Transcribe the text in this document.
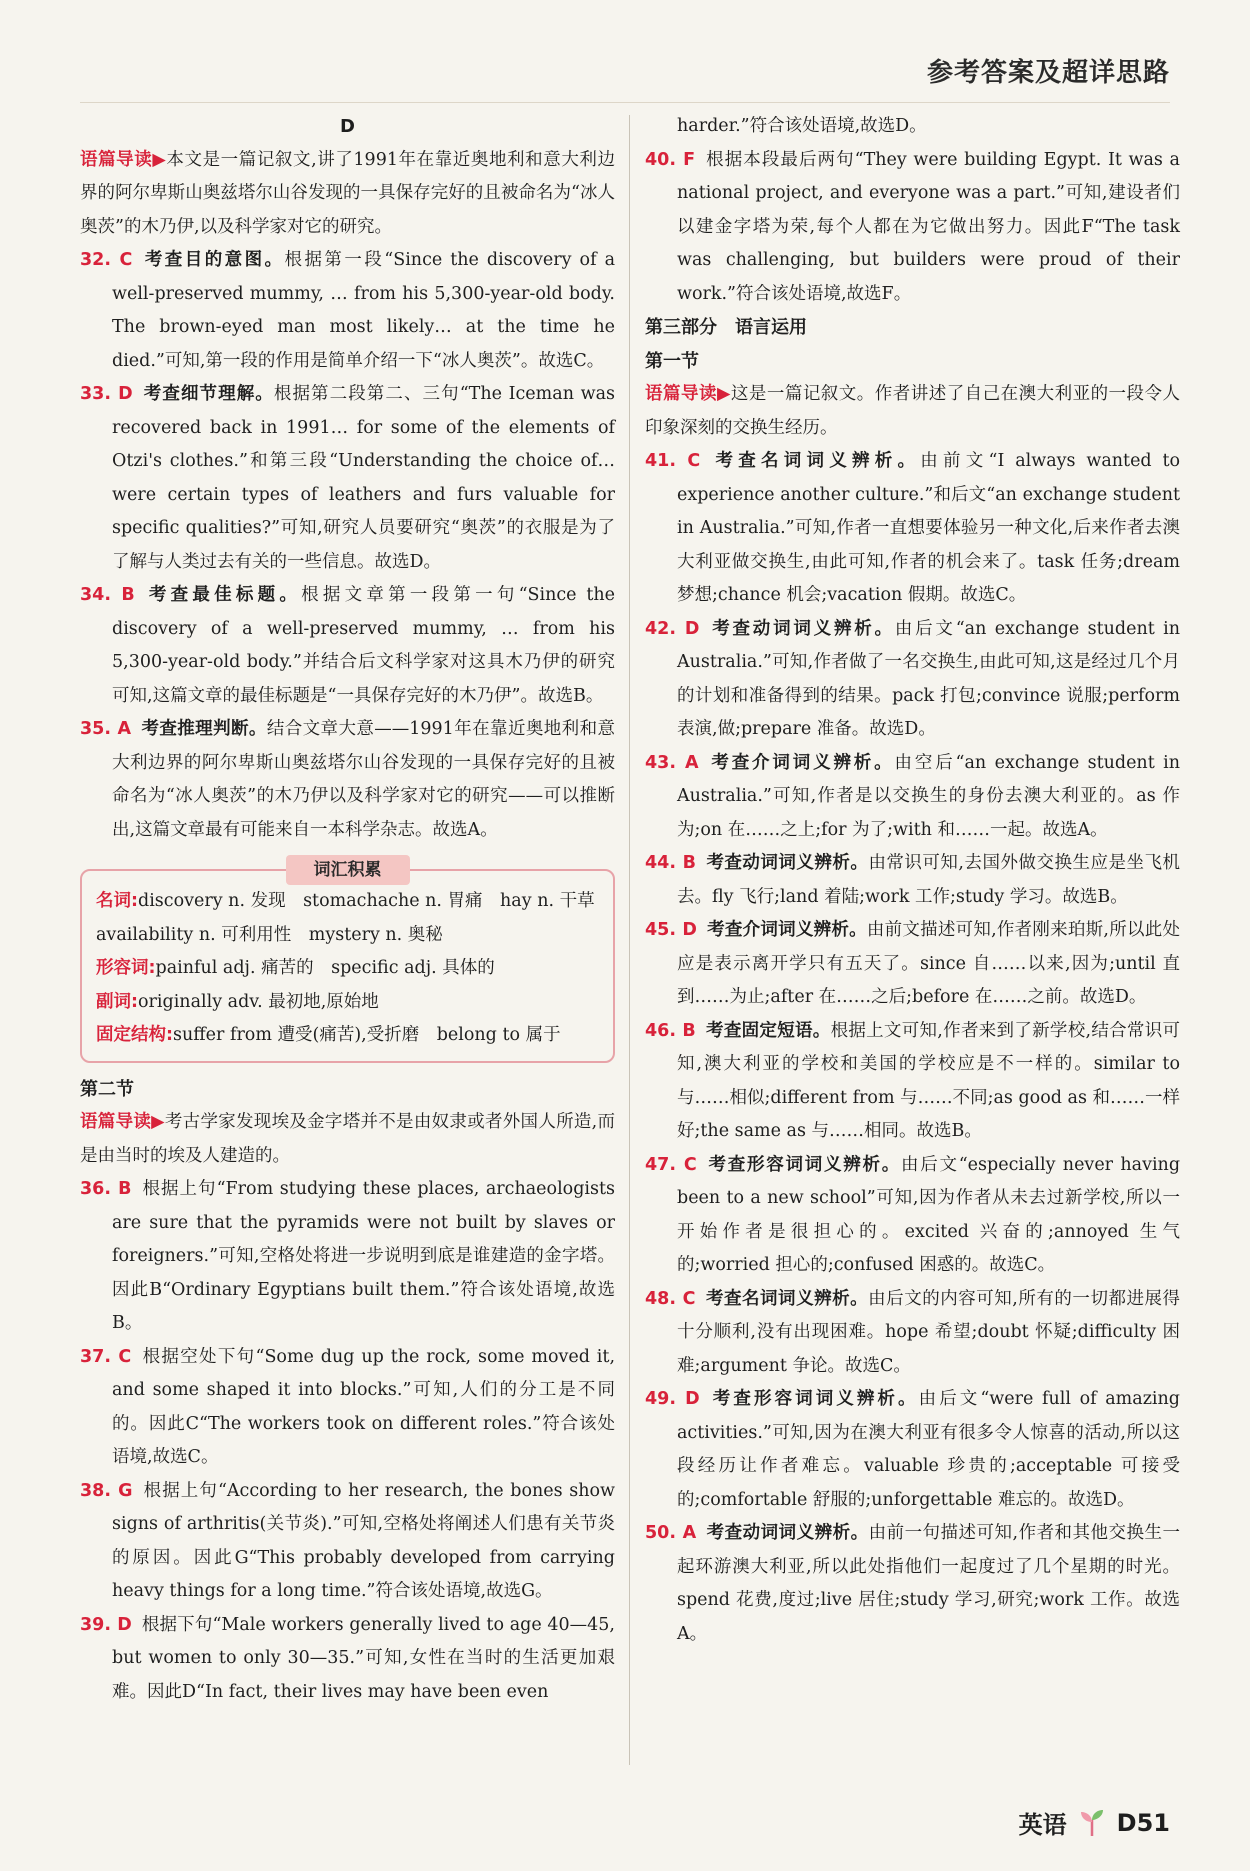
参考答案及超详思路
D
语篇导读▶本文是一篇记叙文,讲了1991年在靠近奥地利和意大利边界的阿尔卑斯山奥兹塔尔山谷发现的一具保存完好的且被命名为“冰人奥茨”的木乃伊,以及科学家对它的研究。
32. C 考查目的意图。根据第一段“Since the discovery of a well-preserved mummy, … from his 5,300-year-old body. The brown-eyed man most likely… at the time he died.”可知,第一段的作用是简单介绍一下“冰人奥茨”。故选C。
33. D 考查细节理解。根据第二段第二、三句“The Iceman was recovered back in 1991… for some of the elements of Otzi's clothes.”和第三段“Understanding the choice of… were certain types of leathers and furs valuable for specific qualities?”可知,研究人员要研究“奥茨”的衣服是为了了解与人类过去有关的一些信息。故选D。
34. B 考查最佳标题。根据文章第一段第一句“Since the discovery of a well-preserved mummy, … from his 5,300-year-old body.”并结合后文科学家对这具木乃伊的研究可知,这篇文章的最佳标题是“一具保存完好的木乃伊”。故选B。
35. A 考查推理判断。结合文章大意——1991年在靠近奥地利和意大利边界的阿尔卑斯山奥兹塔尔山谷发现的一具保存完好的且被命名为“冰人奥茨”的木乃伊以及科学家对它的研究——可以推断出,这篇文章最有可能来自一本科学杂志。故选A。
词汇积累
名词:discovery n. 发现　stomachache n. 胃痛　hay n. 干草
availability n. 可利用性　mystery n. 奥秘
形容词:painful adj. 痛苦的　specific adj. 具体的
副词:originally adv. 最初地,原始地
固定结构:suffer from 遭受(痛苦),受折磨　belong to 属于
第二节
语篇导读▶考古学家发现埃及金字塔并不是由奴隶或者外国人所造,而是由当时的埃及人建造的。
36. B 根据上句“From studying these places, archaeologists are sure that the pyramids were not built by slaves or foreigners.”可知,空格处将进一步说明到底是谁建造的金字塔。因此B“Ordinary Egyptians built them.”符合该处语境,故选B。
37. C 根据空处下句“Some dug up the rock, some moved it, and some shaped it into blocks.”可知,人们的分工是不同的。因此C“The workers took on different roles.”符合该处语境,故选C。
38. G 根据上句“According to her research, the bones show signs of arthritis(关节炎).”可知,空格处将阐述人们患有关节炎的原因。因此G“This probably developed from carrying heavy things for a long time.”符合该处语境,故选G。
39. D 根据下句“Male workers generally lived to age 40—45, but women to only 30—35.”可知,女性在当时的生活更加艰难。因此D“In fact, their lives may have been even
harder.”符合该处语境,故选D。
40. F 根据本段最后两句“They were building Egypt. It was a national project, and everyone was a part.”可知,建设者们以建金字塔为荣,每个人都在为它做出努力。因此F“The task was challenging, but builders were proud of their work.”符合该处语境,故选F。
第三部分　语言运用
第一节
语篇导读▶这是一篇记叙文。作者讲述了自己在澳大利亚的一段令人印象深刻的交换生经历。
41. C 考查名词词义辨析。由前文“I always wanted to experience another culture.”和后文“an exchange student in Australia.”可知,作者一直想要体验另一种文化,后来作者去澳大利亚做交换生,由此可知,作者的机会来了。task 任务;dream 梦想;chance 机会;vacation 假期。故选C。
42. D 考查动词词义辨析。由后文“an exchange student in Australia.”可知,作者做了一名交换生,由此可知,这是经过几个月的计划和准备得到的结果。pack 打包;convince 说服;perform 表演,做;prepare 准备。故选D。
43. A 考查介词词义辨析。由空后“an exchange student in Australia.”可知,作者是以交换生的身份去澳大利亚的。as 作为;on 在……之上;for 为了;with 和……一起。故选A。
44. B 考查动词词义辨析。由常识可知,去国外做交换生应是坐飞机去。fly 飞行;land 着陆;work 工作;study 学习。故选B。
45. D 考查介词词义辨析。由前文描述可知,作者刚来珀斯,所以此处应是表示离开学只有五天了。since 自……以来,因为;until 直到……为止;after 在……之后;before 在……之前。故选D。
46. B 考查固定短语。根据上文可知,作者来到了新学校,结合常识可知,澳大利亚的学校和美国的学校应是不一样的。similar to 与……相似;different from 与……不同;as good as 和……一样好;the same as 与……相同。故选B。
47. C 考查形容词词义辨析。由后文“especially never having been to a new school”可知,因为作者从未去过新学校,所以一开始作者是很担心的。excited 兴奋的;annoyed 生气的;worried 担心的;confused 困惑的。故选C。
48. C 考查名词词义辨析。由后文的内容可知,所有的一切都进展得十分顺利,没有出现困难。hope 希望;doubt 怀疑;difficulty 困难;argument 争论。故选C。
49. D 考查形容词词义辨析。由后文“were full of amazing activities.”可知,因为在澳大利亚有很多令人惊喜的活动,所以这段经历让作者难忘。valuable 珍贵的;acceptable 可接受的;comfortable 舒服的;unforgettable 难忘的。故选D。
50. A 考查动词词义辨析。由前一句描述可知,作者和其他交换生一起环游澳大利亚,所以此处指他们一起度过了几个星期的时光。spend 花费,度过;live 居住;study 学习,研究;work 工作。故选A。
英语 D51
